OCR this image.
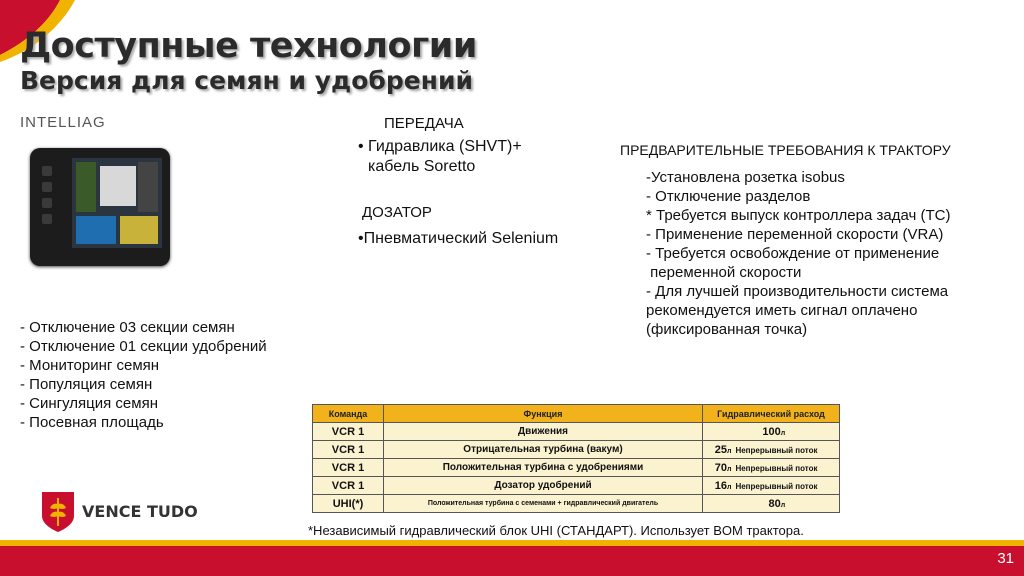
Доступные технологии
Версия для семян и удобрений
INTELLIAG
- Отключение 03 секции семян
- Отключение 01 секции удобрений
- Мониторинг семян
- Популяция семян
- Сингуляция семян
- Посевная площадь
ПЕРЕДАЧА
• Гидравлика (SHVT)+
кабель Soretto
ДОЗАТОР
•Пневматический Selenium
ПРЕДВАРИТЕЛЬНЫЕ ТРЕБОВАНИЯ К ТРАКТОРУ
-Установлена розетка isobus
- Отключение разделов
* Требуется выпуск контроллера задач (TC)
- Применение переменной скорости (VRA)
- Требуется освобождение от применение
переменной скорости
- Для лучшей производительности система
рекомендуется иметь сигнал оплачено
(фиксированная точка)
Команда	Функция	Гидравлический расход
VCR 1	Движения	100л
VCR 1	Отрицательная турбина (вакум)	25л Непрерывный поток
VCR 1	Положительная турбина с удобрениями	70л Непрерывный поток
VCR 1	Дозатор удобрений	16л Непрерывный поток
UHI(*)	Положительная турбина с семенами + гидравлический двигатель	80л
*Независимый гидравлический блок UHI (СТАНДАРТ). Использует BOM трактора.
VENCE TUDO
31
